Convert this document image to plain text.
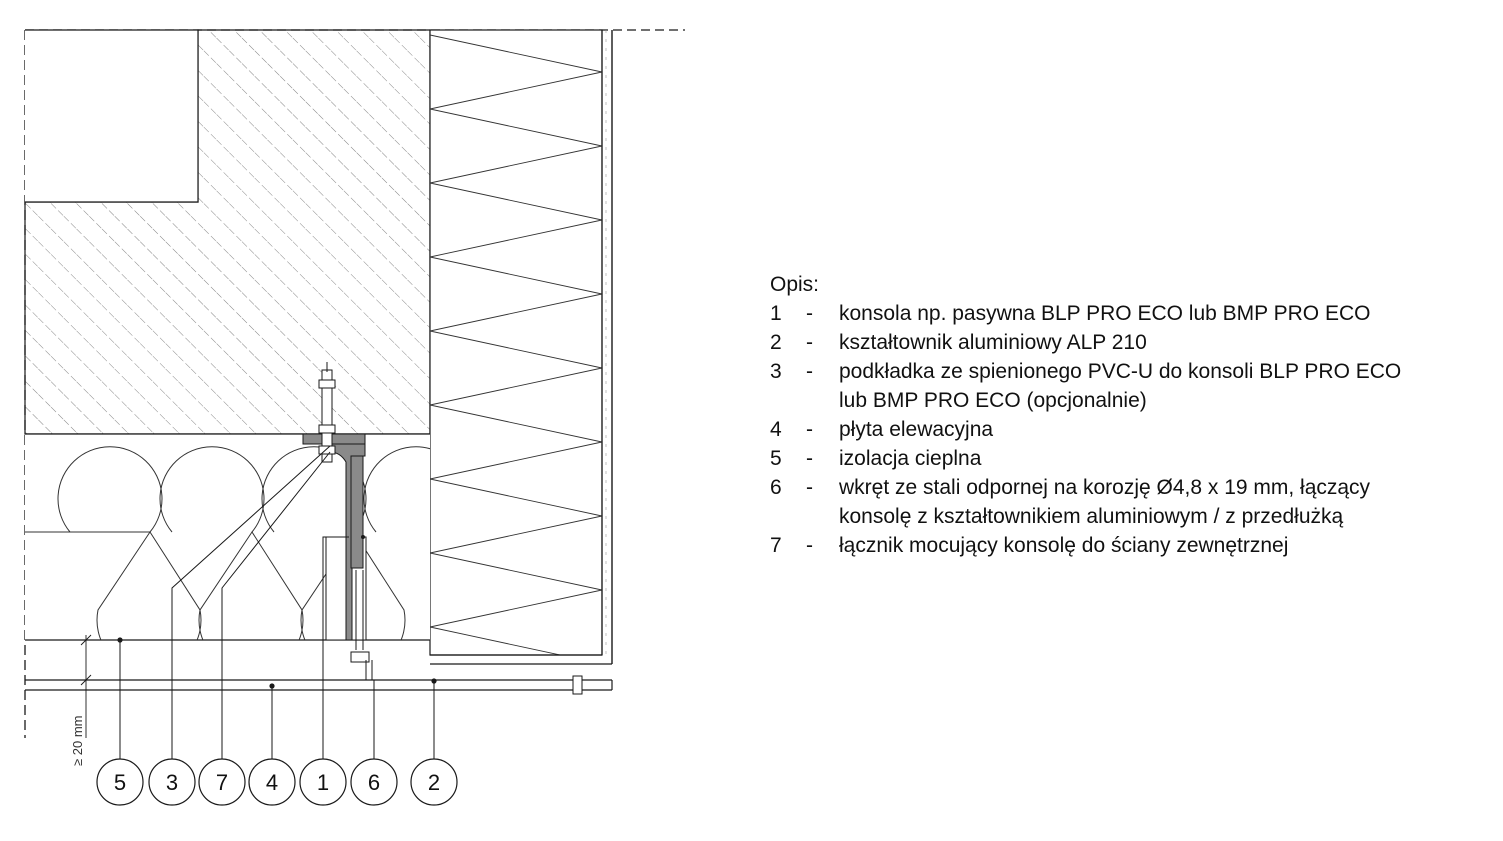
≥ 20 mm
5 3 7 4 1 6 2
Opis:
1	-	konsola np. pasywna BLP PRO ECO lub BMP PRO ECO
2	-	kształtownik aluminiowy ALP 210
3	-	podkładka ze spienionego PVC-U do konsoli BLP PRO ECO
lub BMP PRO ECO (opcjonalnie)
4	-	płyta elewacyjna
5	-	izolacja cieplna
6	-	wkręt ze stali odpornej na korozję Ø4,8 x 19 mm, łączący
konsolę z kształtownikiem aluminiowym / z przedłużką
7	-	łącznik mocujący konsolę do ściany zewnętrznej
